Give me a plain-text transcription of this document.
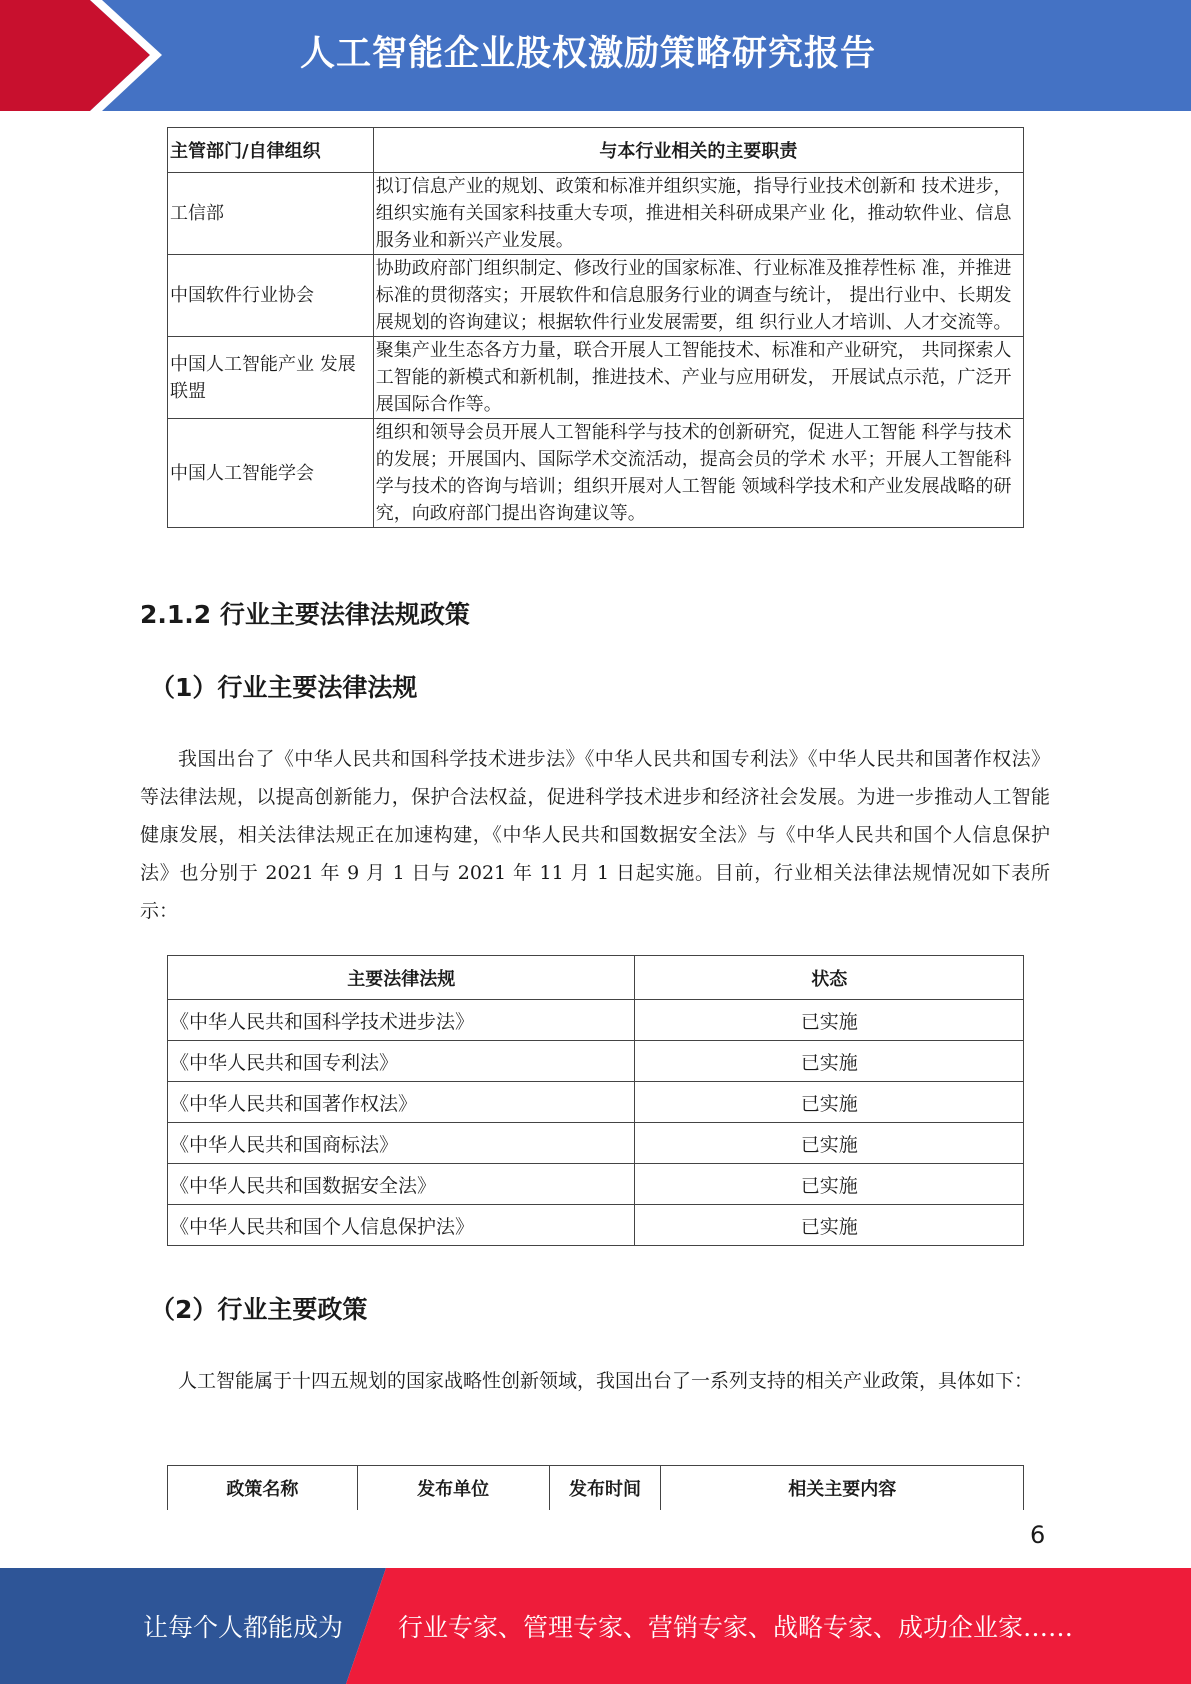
人工智能企业股权激励策略研究报告
主管部门/自律组织	与本行业相关的主要职责
工信部	拟订信息产业的规划、政策和标准并组织实施，指导行业技术创新和 技术进步，组织实施有关国家科技重大专项，推进相关科研成果产业 化，推动软件业、信息服务业和新兴产业发展。
中国软件行业协会	协助政府部门组织制定、修改行业的国家标准、行业标准及推荐性标 准，并推进标准的贯彻落实；开展软件和信息服务行业的调查与统计， 提出行业中、长期发展规划的咨询建议；根据软件行业发展需要，组 织行业人才培训、人才交流等。
中国人工智能产业 发展联盟	聚集产业生态各方力量，联合开展人工智能技术、标准和产业研究， 共同探索人工智能的新模式和新机制，推进技术、产业与应用研发， 开展试点示范，广泛开展国际合作等。
中国人工智能学会	组织和领导会员开展人工智能科学与技术的创新研究，促进人工智能 科学与技术的发展；开展国内、国际学术交流活动，提高会员的学术 水平；开展人工智能科学与技术的咨询与培训；组织开展对人工智能 领域科学技术和产业发展战略的研究，向政府部门提出咨询建议等。
2.1.2 行业主要法律法规政策
（1）行业主要法律法规

我国出台了《中华人民共和国科学技术进步法》《中华人民共和国专利法》《中华人民共和国著作权法》等法律法规，以提高创新能力，保护合法权益，促进科学技术进步和经济社会发展。为进一步推动人工智能健康发展，相关法律法规正在加速构建，《中华人民共和国数据安全法》与《中华人民共和国个人信息保护法》也分别于 2021 年 9 月 1 日与 2021 年 11 月 1 日起实施。目前，行业相关法律法规情况如下表所示：

主要法律法规	状态
《中华人民共和国科学技术进步法》	已实施
《中华人民共和国专利法》	已实施
《中华人民共和国著作权法》	已实施
《中华人民共和国商标法》	已实施
《中华人民共和国数据安全法》	已实施
《中华人民共和国个人信息保护法》	已实施
（2）行业主要政策

人工智能属于十四五规划的国家战略性创新领域，我国出台了一系列支持的相关产业政策，具体如下：

政策名称	发布单位	发布时间	相关主要内容
6
让每个人都能成为 行业专家、管理专家、营销专家、战略专家、成功企业家……
